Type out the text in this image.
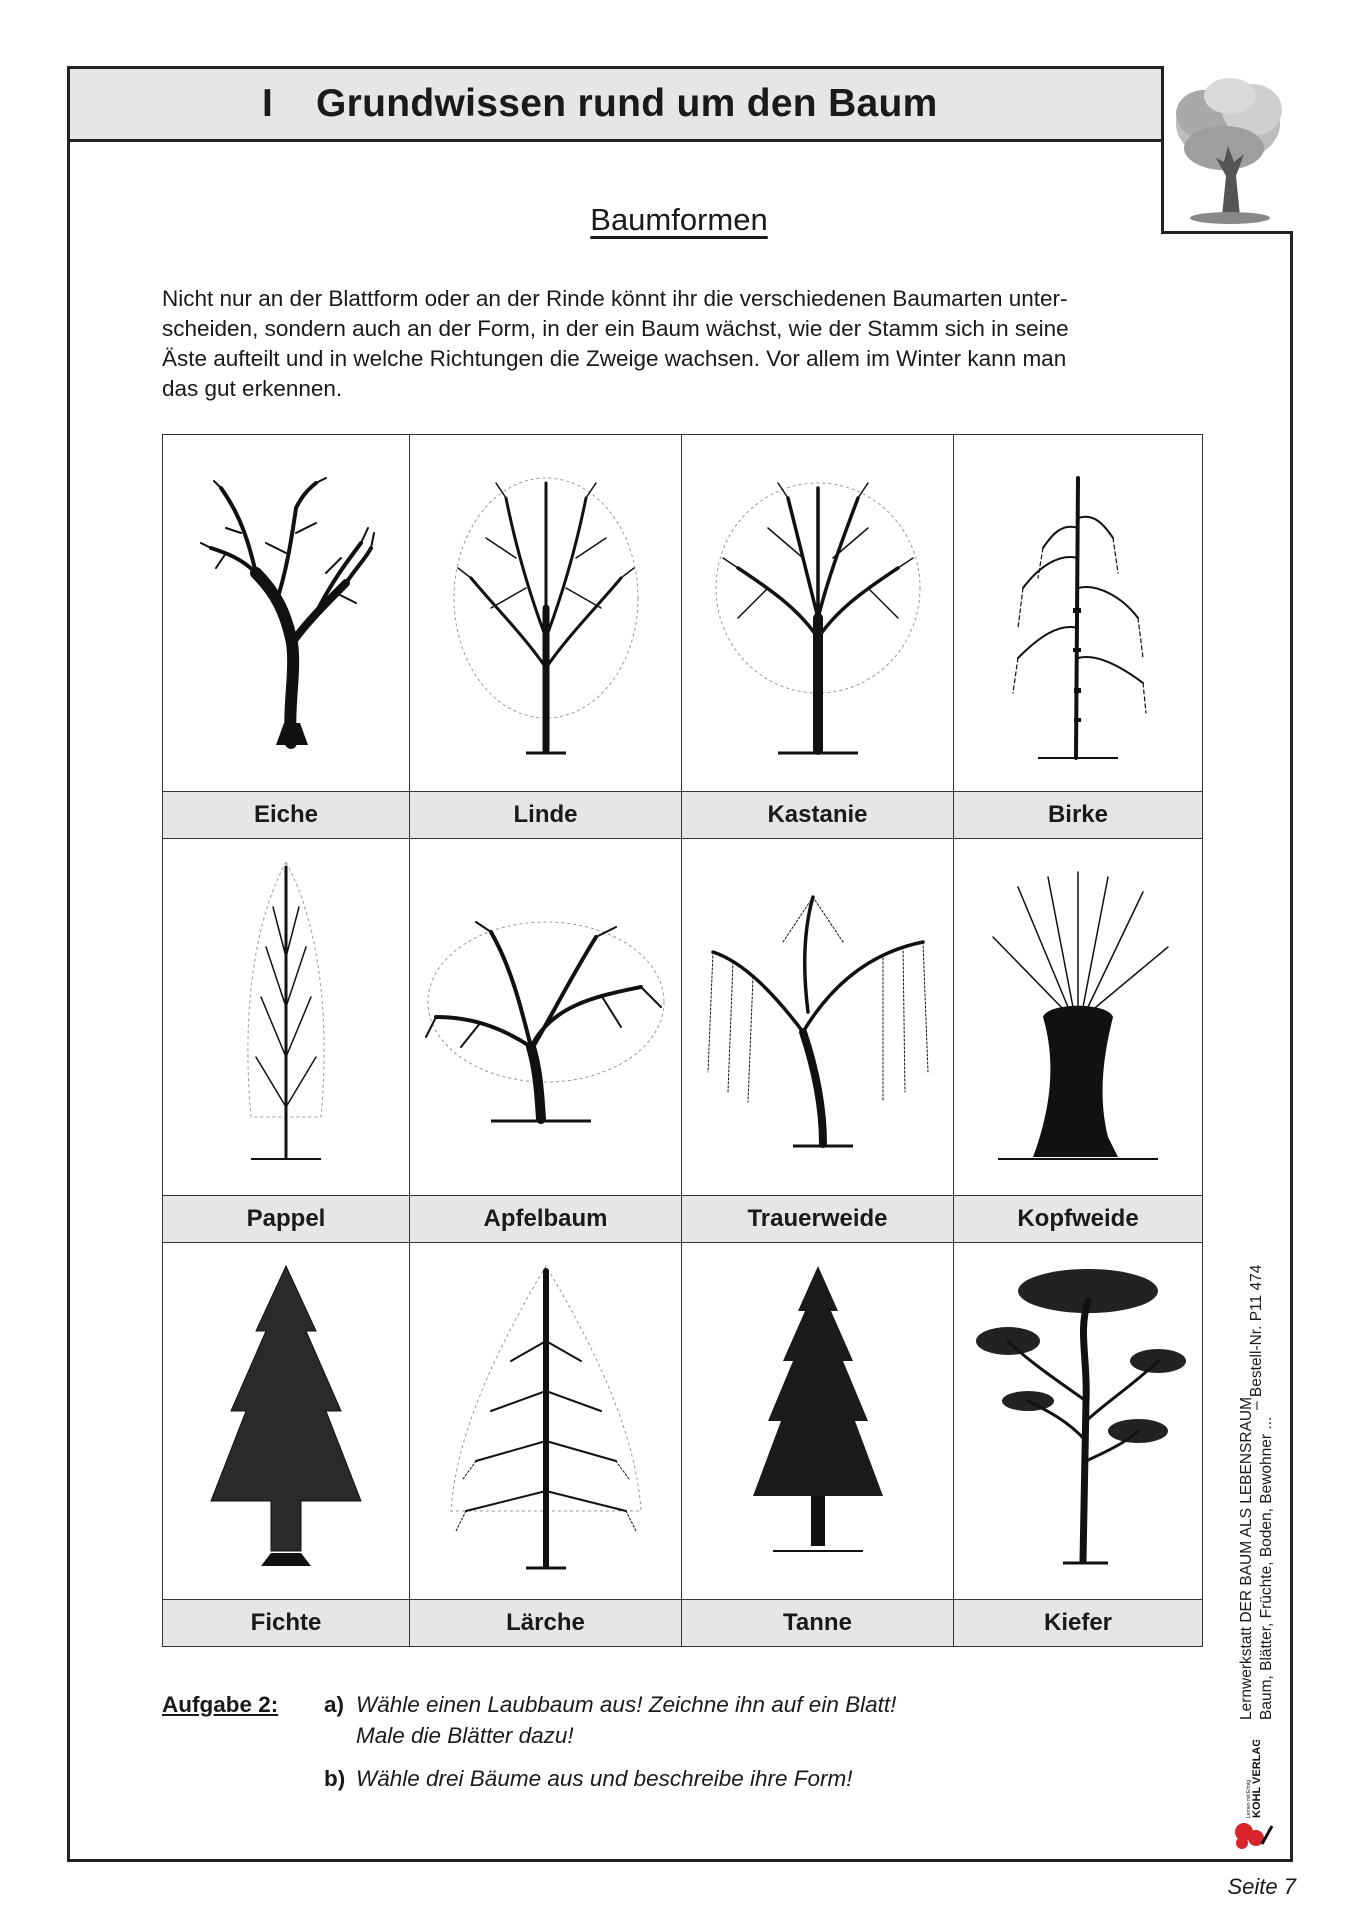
I Grundwissen rund um den Baum
Baumformen

Nicht nur an der Blattform oder an der Rinde könnt ihr die verschiedenen Baumarten unter-

scheiden, sondern auch an der Form, in der ein Baum wächst, wie der Stamm sich in seine

Äste aufteilt und in welche Richtungen die Zweige wachsen. Vor allem im Winter kann man

das gut erkennen.

Eiche	Linde	Kastanie	Birke

Pappel	Apfelbaum	Trauerweide	Kopfweide

Fichte	Lärche	Tanne	Kiefer
Aufgabe 2: a) Wähle einen Laubbaum aus! Zeichne ihn auf ein Blatt!
Male die Blätter dazu!
b) Wähle drei Bäume aus und beschreibe ihre Form!
Lernwerkstatt DER BAUM ALS LEBENSRAUM Baum, Blätter, Früchte, Boden, Bewohner ...
– Bestell-Nr. P11 474
KOHL VERLAG
Lernen mit Erfolg
Seite 7
